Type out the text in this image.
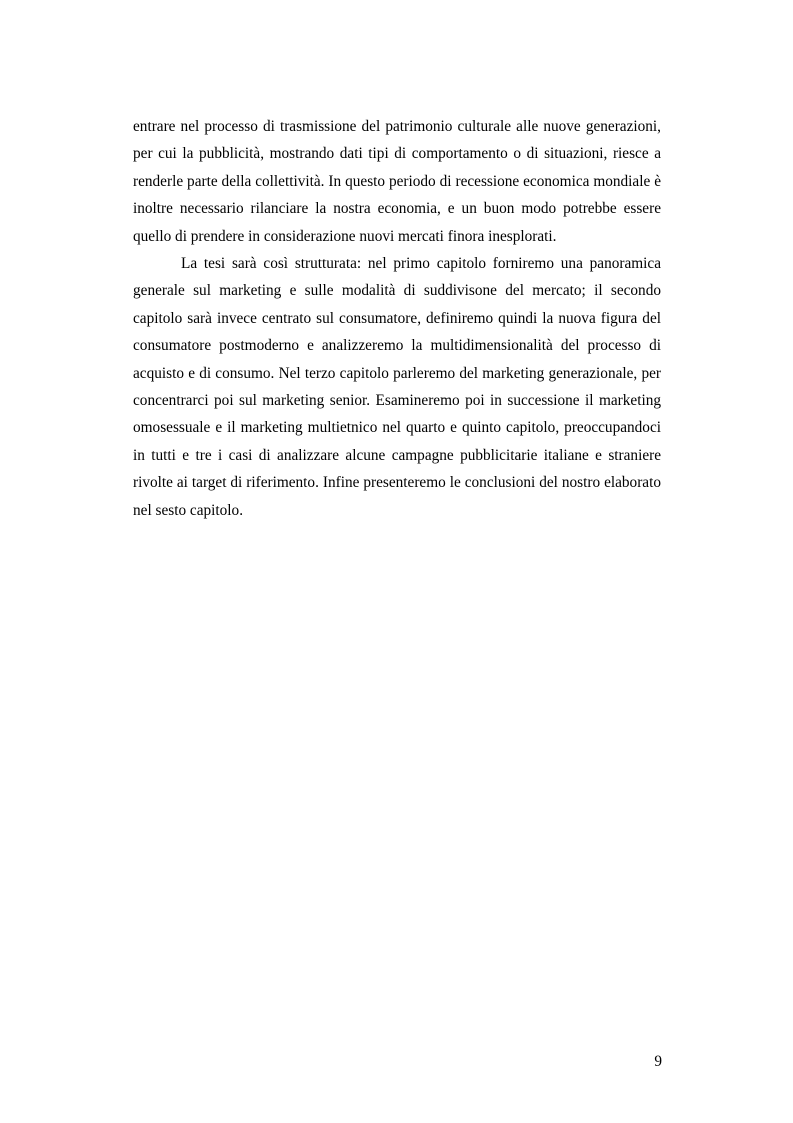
entrare nel processo di trasmissione del patrimonio culturale alle nuove generazioni, per cui la pubblicità, mostrando dati tipi di comportamento o di situazioni, riesce a renderle parte della collettività. In questo periodo di recessione economica mondiale è inoltre necessario rilanciare la nostra economia, e un buon modo potrebbe essere quello di prendere in considerazione nuovi mercati finora inesplorati.

La tesi sarà così strutturata: nel primo capitolo forniremo una panoramica generale sul marketing e sulle modalità di suddivisone del mercato; il secondo capitolo sarà invece centrato sul consumatore, definiremo quindi la nuova figura del consumatore postmoderno e analizzeremo la multidimensionalità del processo di acquisto e di consumo. Nel terzo capitolo parleremo del marketing generazionale, per concentrarci poi sul marketing senior. Esamineremo poi in successione il marketing omosessuale e il marketing multietnico nel quarto e quinto capitolo, preoccupandoci in tutti e tre i casi di analizzare alcune campagne pubblicitarie italiane e straniere rivolte ai target di riferimento. Infine presenteremo le conclusioni del nostro elaborato nel sesto capitolo.

9
